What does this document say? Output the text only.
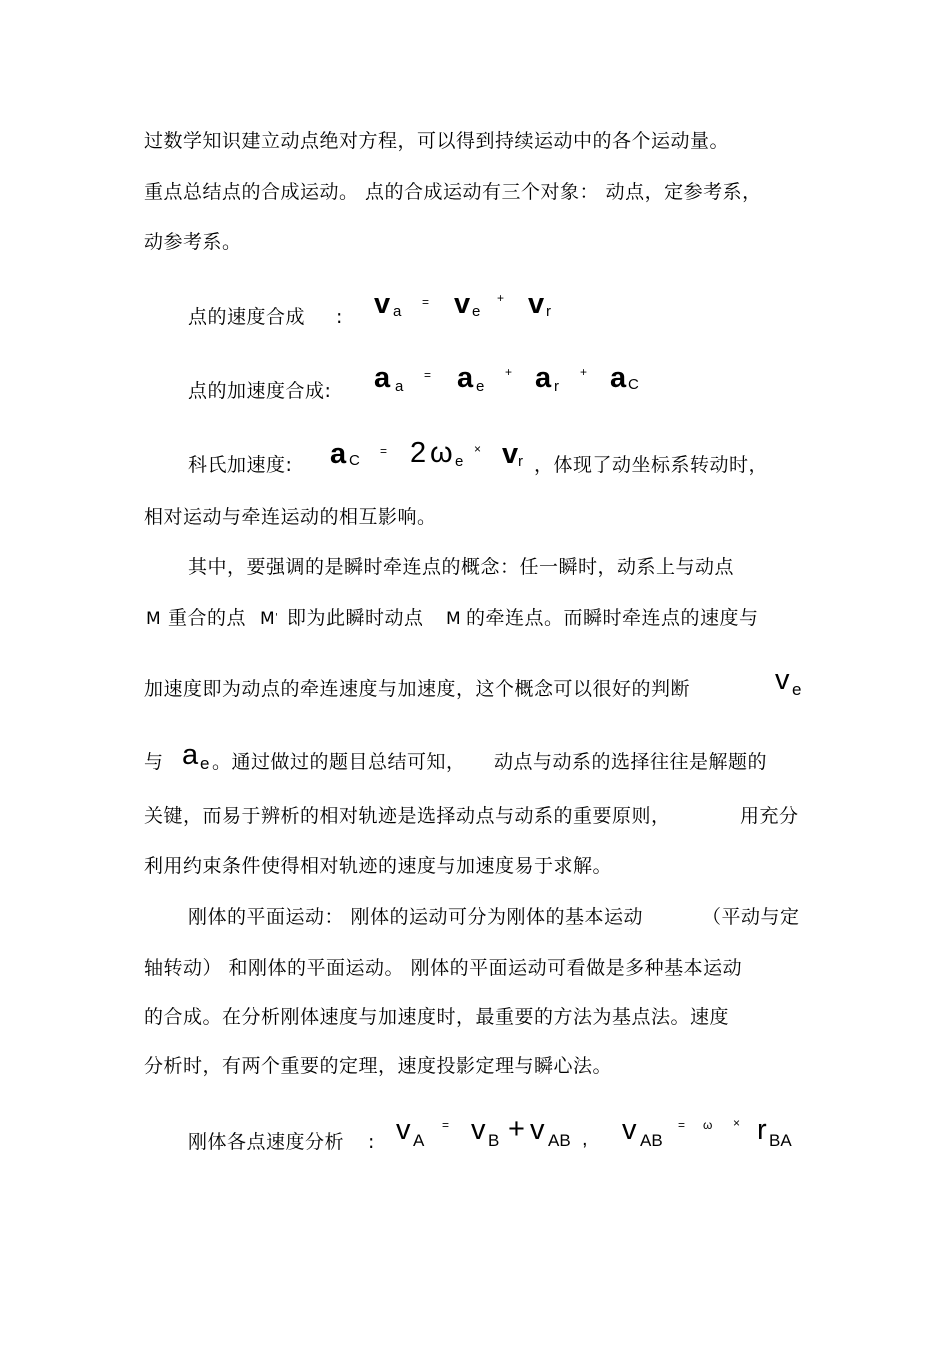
过数学知识建立动点绝对方程，可以得到持续运动中的各个运动量。
重点总结点的合成运动。 点的合成运动有三个对象： 动点，定参考系，
动参考系。
点的速度合成 : v a
= v e
+ v r
点的加速度合成: a a
= a e
+ a r
+ a C
科氏加速度: a C
= 2 ω e
× v r ，体现了动坐标系转动时，
相对运动与牵连运动的相互影响。
其中，要强调的是瞬时牵连点的概念：任一瞬时，动系上与动点
M 重合的点 M' 即为此瞬时动点 M 的牵连点。而瞬时牵连点的速度与
加速度即为动点的牵连速度与加速度，这个概念可以很好的判断	v e
与 a e 。通过做过的题目总结可知， 动点与动系的选择往往是解题的
关键，而易于辨析的相对轨迹是选择动点与动系的重要原则，	用充分
利用约束条件使得相对轨迹的速度与加速度易于求解。
刚体的平面运动： 刚体的运动可分为刚体的基本运动	（平动与定
轴转动） 和刚体的平面运动。 刚体的平面运动可看做是多种基本运动
的合成。在分析刚体速度与加速度时，最重要的方法为基点法。速度
分析时，有两个重要的定理，速度投影定理与瞬心法。
刚体各点速度分析 : v A
= v B + v AB , v AB
= ω × r BA
